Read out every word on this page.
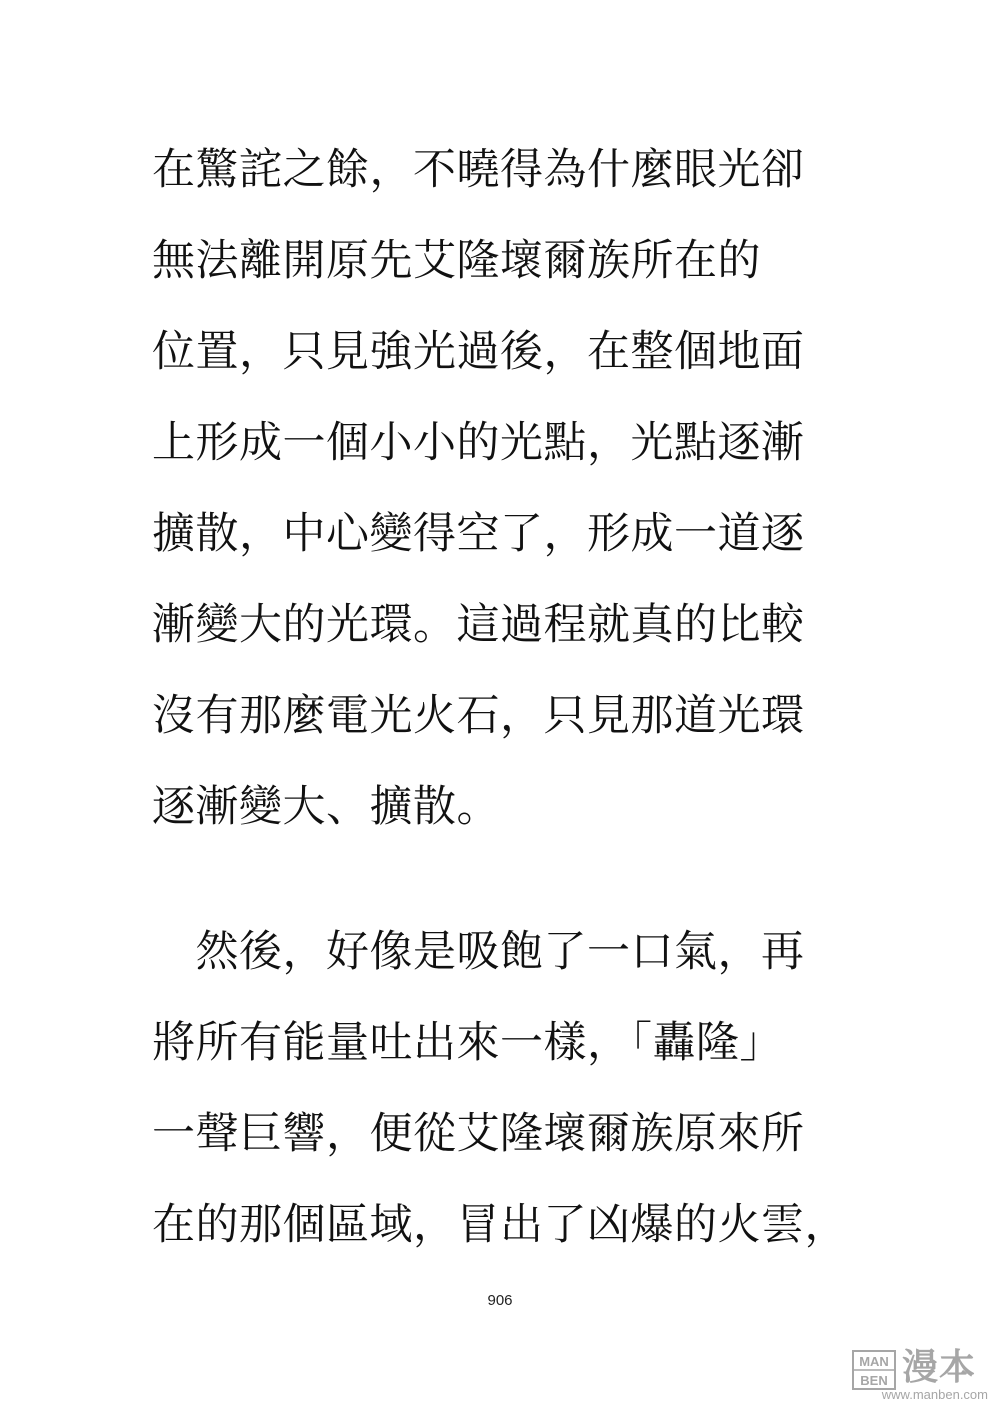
在驚詫之餘，不曉得為什麼眼光卻
無法離開原先艾隆壞爾族所在的
位置，只見強光過後，在整個地面
上形成一個小小的光點，光點逐漸
擴散，中心變得空了，形成一道逐
漸變大的光環。這過程就真的比較
沒有那麼電光火石，只見那道光環
逐漸變大、擴散。
　然後，好像是吸飽了一口氣，再
將所有能量吐出來一樣，「轟隆」
一聲巨響，便從艾隆壞爾族原來所
在的那個區域，冒出了凶爆的火雲，
906
MAN
BEN 漫本
www.manben.com
